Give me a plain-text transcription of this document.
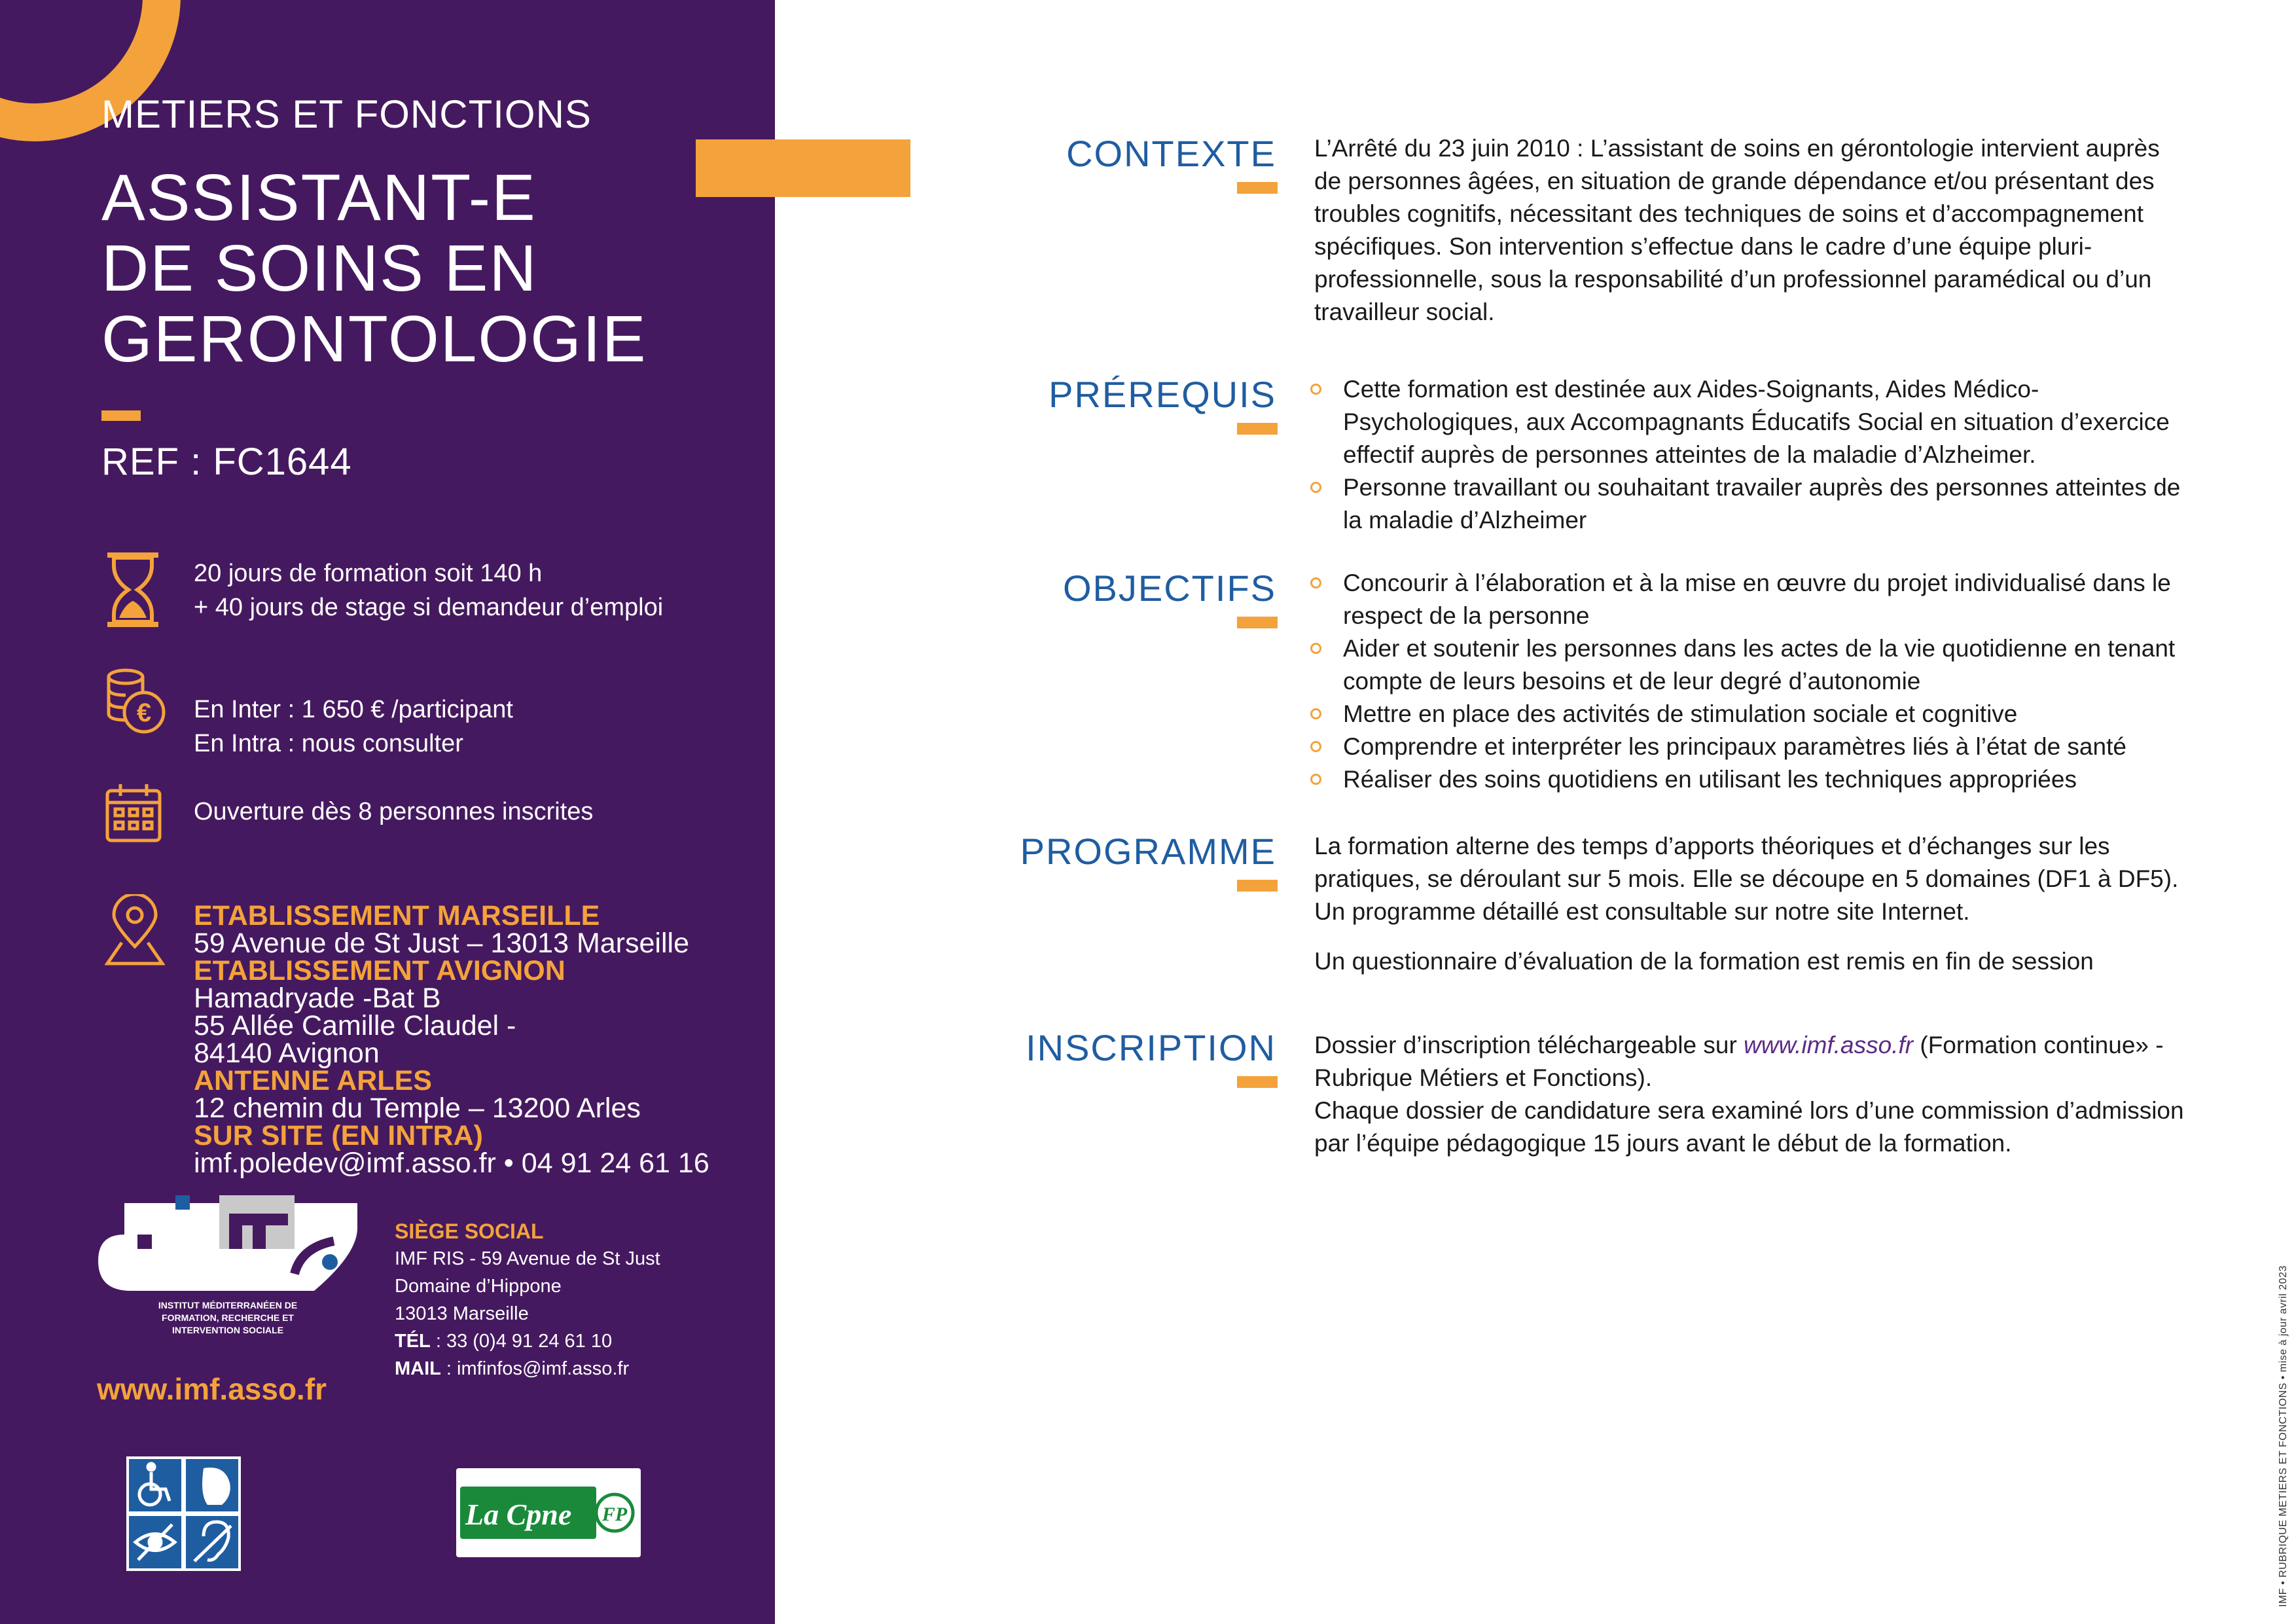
METIERS ET FONCTIONS
ASSISTANT-E
DE SOINS EN
GERONTOLOGIE
REF : FC1644
20 jours de formation soit 140 h
+ 40 jours de stage si demandeur d’emploi
€ En Inter : 1 650 € /participant
En Intra : nous consulter
Ouverture dès 8 personnes inscrites
ETABLISSEMENT MARSEILLE
59 Avenue de St Just – 13013 Marseille
ETABLISSEMENT AVIGNON
Hamadryade -Bat B
55 Allée Camille Claudel -
84140 Avignon
ANTENNE ARLES
12 chemin du Temple – 13200 Arles
SUR SITE (EN INTRA)
imf.poledev@imf.asso.fr • 04 91 24 61 16
INSTITUT MÉDITERRANÉEN DE
FORMATION, RECHERCHE ET
INTERVENTION SOCIALE
SIÈGE SOCIAL
IMF RIS - 59 Avenue de St Just
Domaine d’Hippone
13013 Marseille
TÉL : 33 (0)4 91 24 61 10
MAIL : imfinfos@imf.asso.fr
www.imf.asso.fr
La Cpne FP
CONTEXTE L’Arrêté du 23 juin 2010 : L’assistant de soins en gérontologie intervient auprès
de personnes âgées, en situation de grande dépendance et/ou présentant des
troubles cognitifs, nécessitant des techniques de soins et d’accompagnement
spécifiques. Son intervention s’effectue dans le cadre d’une équipe pluri-
professionnelle, sous la responsabilité d’un professionnel paramédical ou d’un
travailleur social.
PRÉREQUIS	Cette formation est destinée aux Aides-Soignants, Aides Médico-
Psychologiques, aux Accompagnants Éducatifs Social en situation d’exercice
effectif auprès de personnes atteintes de la maladie d’Alzheimer.
Personne travaillant ou souhaitant travailer auprès des personnes atteintes de
la maladie d’Alzheimer
OBJECTIFS	Concourir à l’élaboration et à la mise en œuvre du projet individualisé dans le
respect de la personne
Aider et soutenir les personnes dans les actes de la vie quotidienne en tenant
compte de leurs besoins et de leur degré d’autonomie
Mettre en place des activités de stimulation sociale et cognitive
Comprendre et interpréter les principaux paramètres liés à l’état de santé
Réaliser des soins quotidiens en utilisant les techniques appropriées
PROGRAMME La formation alterne des temps d’apports théoriques et d’échanges sur les
pratiques, se déroulant sur 5 mois. Elle se découpe en 5 domaines (DF1 à DF5).
Un programme détaillé est consultable sur notre site Internet.
Un questionnaire d’évaluation de la formation est remis en fin de session
INSCRIPTION Dossier d’inscription téléchargeable sur www.imf.asso.fr (Formation continue» -
Rubrique Métiers et Fonctions).
Chaque dossier de candidature sera examiné lors d’une commission d’admission
par l’équipe pédagogique 15 jours avant le début de la formation.
IMF • RUBRIQUE METIERS ET FONCTIONS • mise à jour avril 2023
